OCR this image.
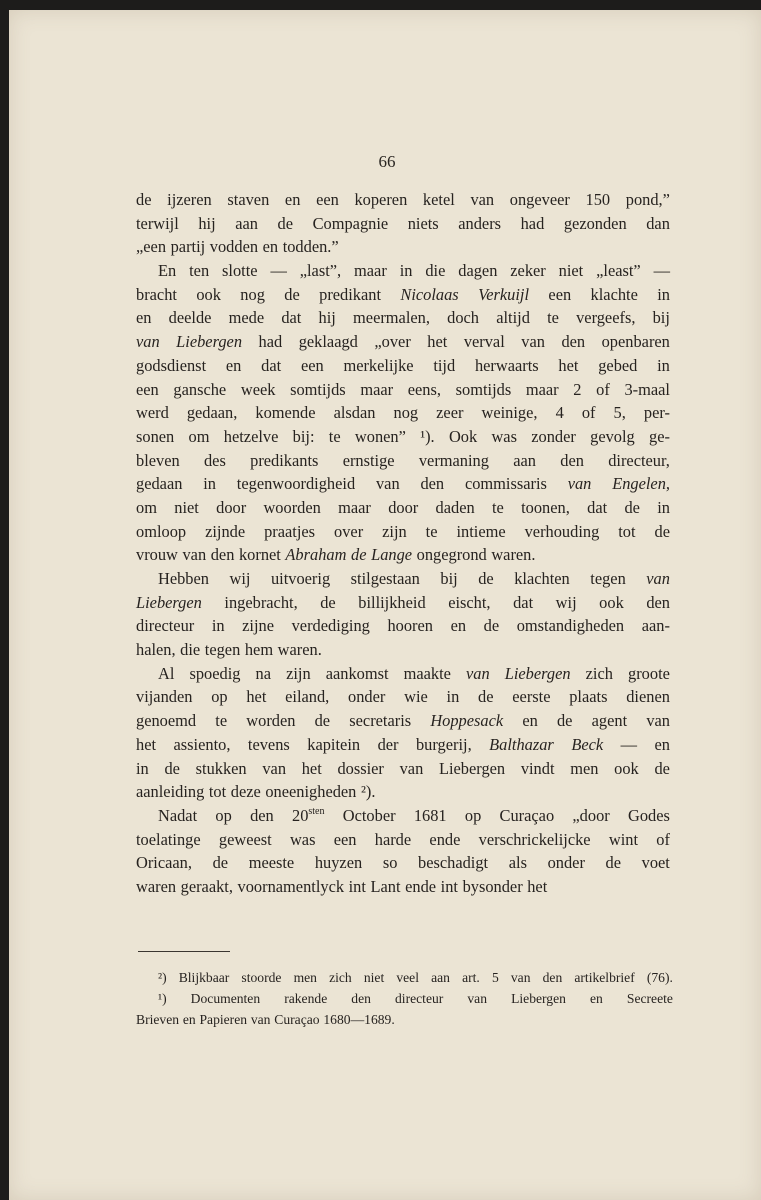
66
de ijzeren staven en een koperen ketel van ongeveer 150 pond,”
terwijl hij aan de Compagnie niets anders had gezonden dan
„een partij vodden en todden.”
En ten slotte — „last”, maar in die dagen zeker niet „least” —
bracht ook nog de predikant Nicolaas Verkuijl een klachte in
en deelde mede dat hij meermalen, doch altijd te vergeefs, bij
van Liebergen had geklaagd „over het verval van den openbaren
godsdienst en dat een merkelijke tijd herwaarts het gebed in
een gansche week somtijds maar eens, somtijds maar 2 of 3-maal
werd gedaan, komende alsdan nog zeer weinige, 4 of 5, per-
sonen om hetzelve bij: te wonen” ¹). Ook was zonder gevolg ge-
bleven des predikants ernstige vermaning aan den directeur,
gedaan in tegenwoordigheid van den commissaris van Engelen,
om niet door woorden maar door daden te toonen, dat de in
omloop zijnde praatjes over zijn te intieme verhouding tot de
vrouw van den kornet Abraham de Lange ongegrond waren.
Hebben wij uitvoerig stilgestaan bij de klachten tegen van
Liebergen ingebracht, de billijkheid eischt, dat wij ook den
directeur in zijne verdediging hooren en de omstandigheden aan-
halen, die tegen hem waren.
Al spoedig na zijn aankomst maakte van Liebergen zich groote
vijanden op het eiland, onder wie in de eerste plaats dienen
genoemd te worden de secretaris Hoppesack en de agent van
het assiento, tevens kapitein der burgerij, Balthazar Beck — en
in de stukken van het dossier van Liebergen vindt men ook de
aanleiding tot deze oneenigheden ²).
Nadat op den 20sten October 1681 op Curaçao „door Godes
toelatinge geweest was een harde ende verschrickelijcke wint of
Oricaan, de meeste huyzen so beschadigt als onder de voet
waren geraakt, voornamentlyck int Lant ende int bysonder het
²) Blijkbaar stoorde men zich niet veel aan art. 5 van den artikelbrief (76).
¹) Documenten rakende den directeur van Liebergen en Secreete
Brieven en Papieren van Curaçao 1680—1689.
